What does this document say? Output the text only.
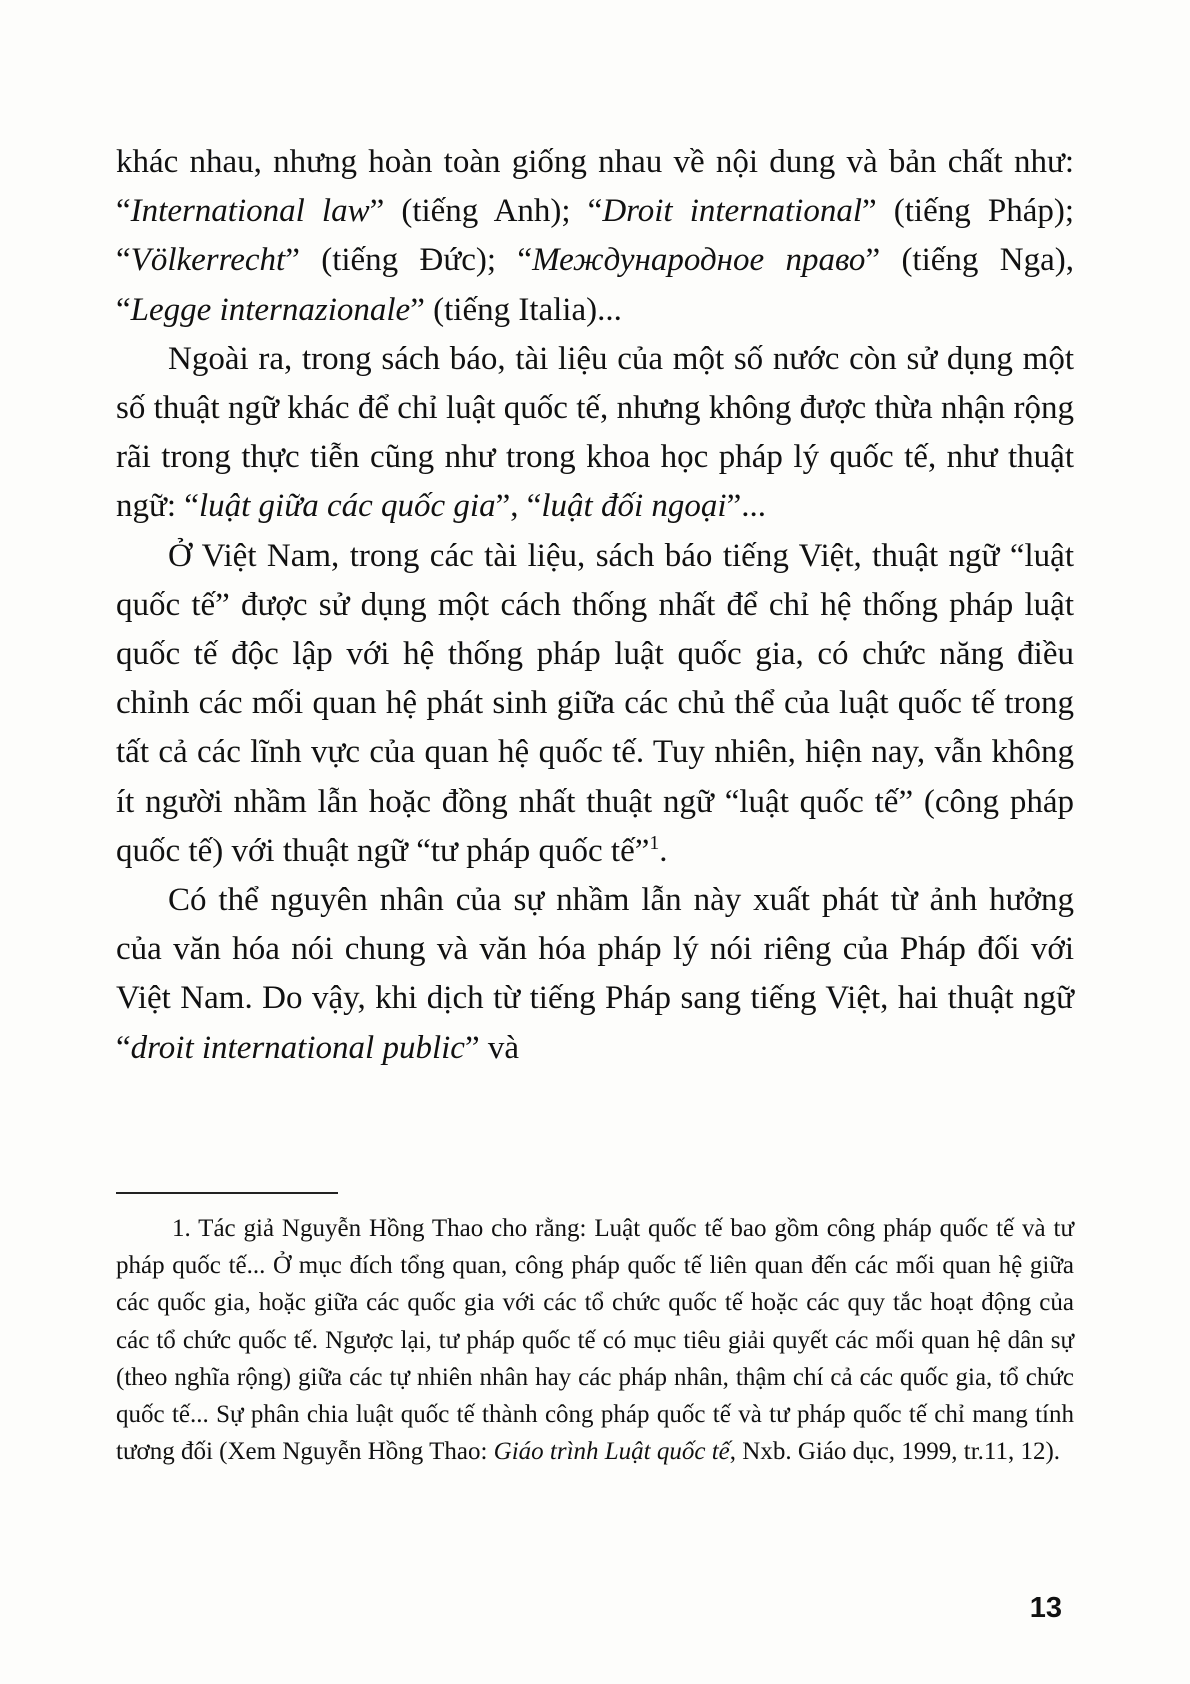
khác nhau, nhưng hoàn toàn giống nhau về nội dung và bản chất như: “International law” (tiếng Anh); “Droit international” (tiếng Pháp); “Völkerrecht” (tiếng Đức); “Международное право” (tiếng Nga), “Legge internazionale” (tiếng Italia)...

Ngoài ra, trong sách báo, tài liệu của một số nước còn sử dụng một số thuật ngữ khác để chỉ luật quốc tế, nhưng không được thừa nhận rộng rãi trong thực tiễn cũng như trong khoa học pháp lý quốc tế, như thuật ngữ: “luật giữa các quốc gia”, “luật đối ngoại”...

Ở Việt Nam, trong các tài liệu, sách báo tiếng Việt, thuật ngữ “luật quốc tế” được sử dụng một cách thống nhất để chỉ hệ thống pháp luật quốc tế độc lập với hệ thống pháp luật quốc gia, có chức năng điều chỉnh các mối quan hệ phát sinh giữa các chủ thể của luật quốc tế trong tất cả các lĩnh vực của quan hệ quốc tế. Tuy nhiên, hiện nay, vẫn không ít người nhầm lẫn hoặc đồng nhất thuật ngữ “luật quốc tế” (công pháp quốc tế) với thuật ngữ “tư pháp quốc tế”$^1$.

Có thể nguyên nhân của sự nhầm lẫn này xuất phát từ ảnh hưởng của văn hóa nói chung và văn hóa pháp lý nói riêng của Pháp đối với Việt Nam. Do vậy, khi dịch từ tiếng Pháp sang tiếng Việt, hai thuật ngữ “droit international public” và

1. Tác giả Nguyễn Hồng Thao cho rằng: Luật quốc tế bao gồm công pháp quốc tế và tư pháp quốc tế... Ở mục đích tổng quan, công pháp quốc tế liên quan đến các mối quan hệ giữa các quốc gia, hoặc giữa các quốc gia với các tổ chức quốc tế hoặc các quy tắc hoạt động của các tổ chức quốc tế. Ngược lại, tư pháp quốc tế có mục tiêu giải quyết các mối quan hệ dân sự (theo nghĩa rộng) giữa các tự nhiên nhân hay các pháp nhân, thậm chí cả các quốc gia, tổ chức quốc tế... Sự phân chia luật quốc tế thành công pháp quốc tế và tư pháp quốc tế chỉ mang tính tương đối (Xem Nguyễn Hồng Thao: Giáo trình Luật quốc tế, Nxb. Giáo dục, 1999, tr.11, 12).

13
